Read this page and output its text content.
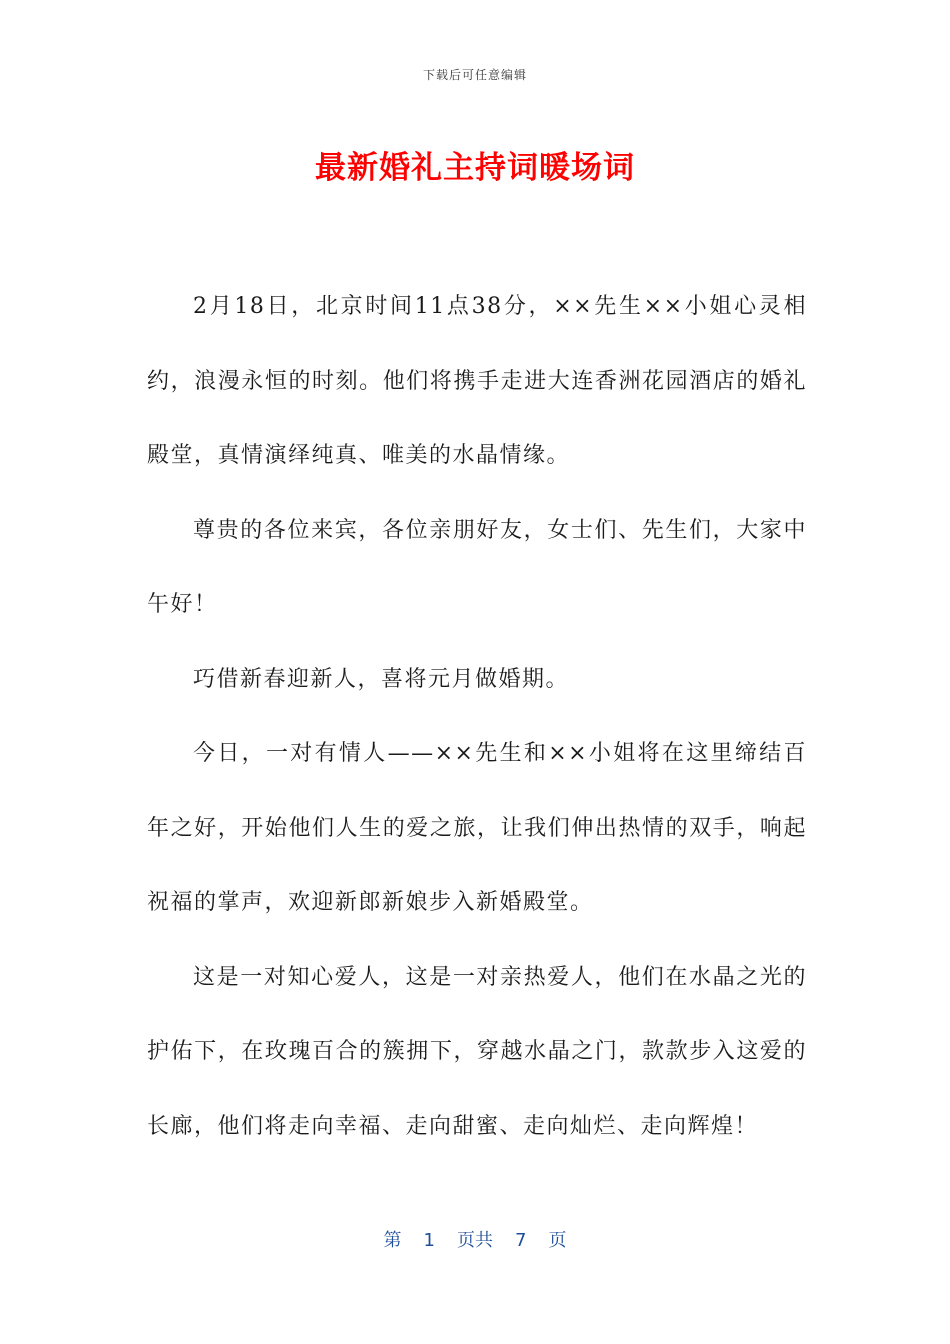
下载后可任意编辑
最新婚礼主持词暖场词

2月18日，北京时间11点38分，××先生××小姐心灵相约，浪漫永恒的时刻。他们将携手走进大连香洲花园酒店的婚礼殿堂，真情演绎纯真、唯美的水晶情缘。

尊贵的各位来宾，各位亲朋好友，女士们、先生们，大家中午好！

巧借新春迎新人，喜将元月做婚期。

今日，一对有情人——××先生和××小姐将在这里缔结百年之好，开始他们人生的爱之旅，让我们伸出热情的双手，响起祝福的掌声，欢迎新郎新娘步入新婚殿堂。

这是一对知心爱人，这是一对亲热爱人，他们在水晶之光的护佑下，在玫瑰百合的簇拥下，穿越水晶之门，款款步入这爱的长廊，他们将走向幸福、走向甜蜜、走向灿烂、走向辉煌！

第 1 页共 7 页
